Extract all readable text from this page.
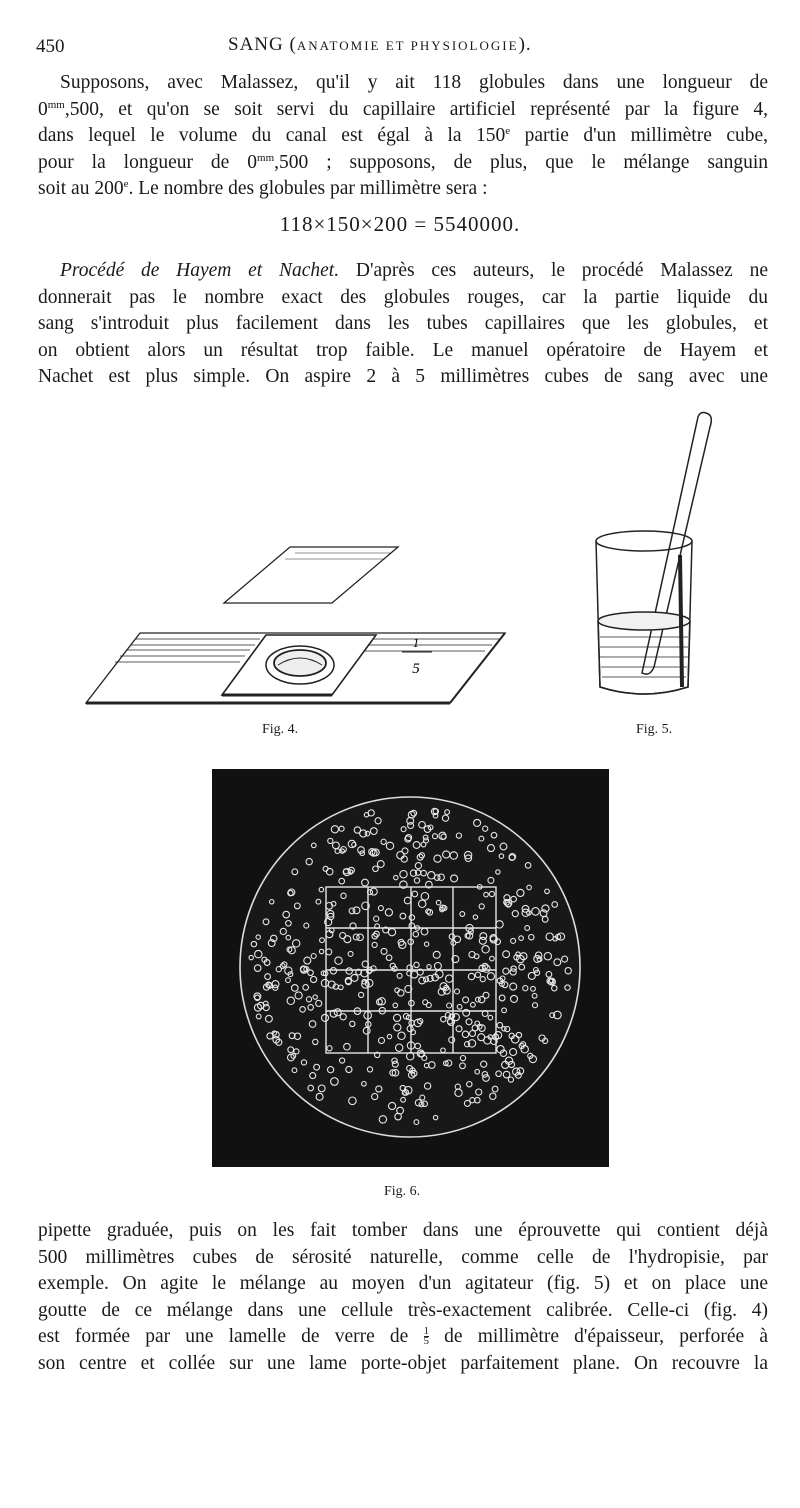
450	SANG (ANATOMIE ET PHYSIOLOGIE).
Supposons, avec Malassez, qu'il y ait 118 globules dans une longueur de
$0^{mm},500$, et qu'on se soit servi du capillaire artificiel représenté par la figure 4,
dans lequel le volume du canal est égal à la 150e partie d'un millimètre cube,
pour la longueur de $0^{mm},500$ ; supposons, de plus, que le mélange sanguin
soit au 200e. Le nombre des globules par millimètre sera :
118×150×200 = 5540000.
Procédé de Hayem et Nachet. D'après ces auteurs, le procédé Malassez ne
donnerait pas le nombre exact des globules rouges, car la partie liquide du
sang s'introduit plus facilement dans les tubes capillaires que les globules, et
on obtient alors un résultat trop faible. Le manuel opératoire de Hayem et
Nachet est plus simple. On aspire 2 à 5 millimètres cubes de sang avec une
1
5
Fig. 4.	Fig. 5.
Fig. 6.
pipette graduée, puis on les fait tomber dans une éprouvette qui contient déjà
500 millimètres cubes de sérosité naturelle, comme celle de l'hydropisie, par
exemple. On agite le mélange au moyen d'un agitateur (fig. 5) et on place une
goutte de ce mélange dans une cellule très-exactement calibrée. Celle-ci (fig. 4)
est formée par une lamelle de verre de $\frac{1}{5}$ de millimètre d'épaisseur, perforée à
son centre et collée sur une lame porte-objet parfaitement plane. On recouvre la
